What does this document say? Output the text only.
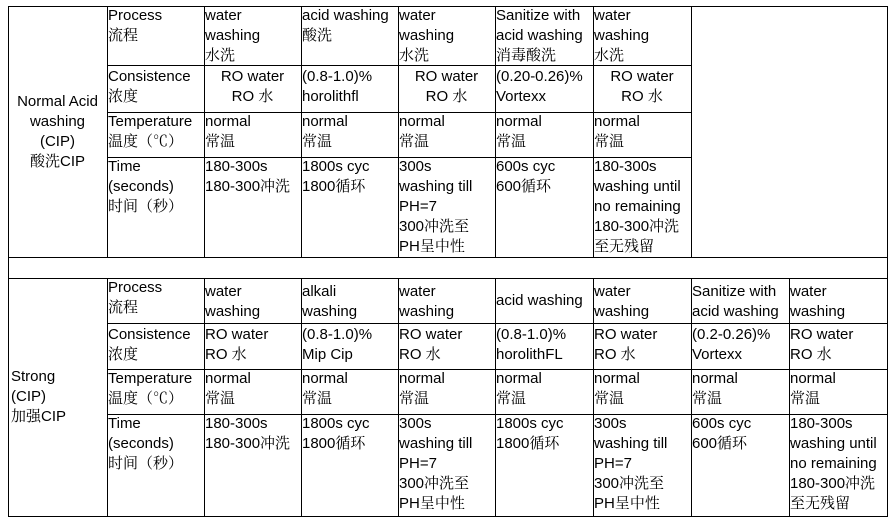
Normal Acid
washing
(CIP)
酸洗CIP
Process
流程
Consistence
浓度
Temperature
温度（℃）
Time
(seconds)
时间（秒）
water
washing
水洗
RO water
RO 水
normal
常温
180-300s
180-300冲洗
acid washing
酸洗
(0.8-1.0)%
horolithfl
normal
常温
1800s cyc
1800循环
water
washing
水洗
RO water
RO 水
normal
常温
300s
washing till
PH=7
300冲洗至
PH呈中性
Sanitize with
acid washing
消毒酸洗
(0.20-0.26)%
Vortexx
normal
常温
600s cyc
600循环
water
washing
水洗
RO water
RO 水
normal
常温
180-300s
washing until
no remaining
180-300冲洗
至无残留
Strong
(CIP)
加强CIP
Process
流程
Consistence
浓度
Temperature
温度（℃）
Time
(seconds)
时间（秒）
water
washing
RO water
RO 水
normal
常温
180-300s
180-300冲洗
alkali
washing
(0.8-1.0)%
Mip Cip
normal
常温
1800s cyc
1800循环
water
washing
RO water
RO 水
normal
常温
300s
washing till
PH=7
300冲洗至
PH呈中性
acid washing
(0.8-1.0)%
horolithFL
normal
常温
1800s cyc
1800循环
water
washing
RO water
RO 水
normal
常温
300s
washing till
PH=7
300冲洗至
PH呈中性
Sanitize with
acid washing
(0.2-0.26)%
Vortexx
normal
常温
600s cyc
600循环
water
washing
RO water
RO 水
normal
常温
180-300s
washing until
no remaining
180-300冲洗
至无残留
